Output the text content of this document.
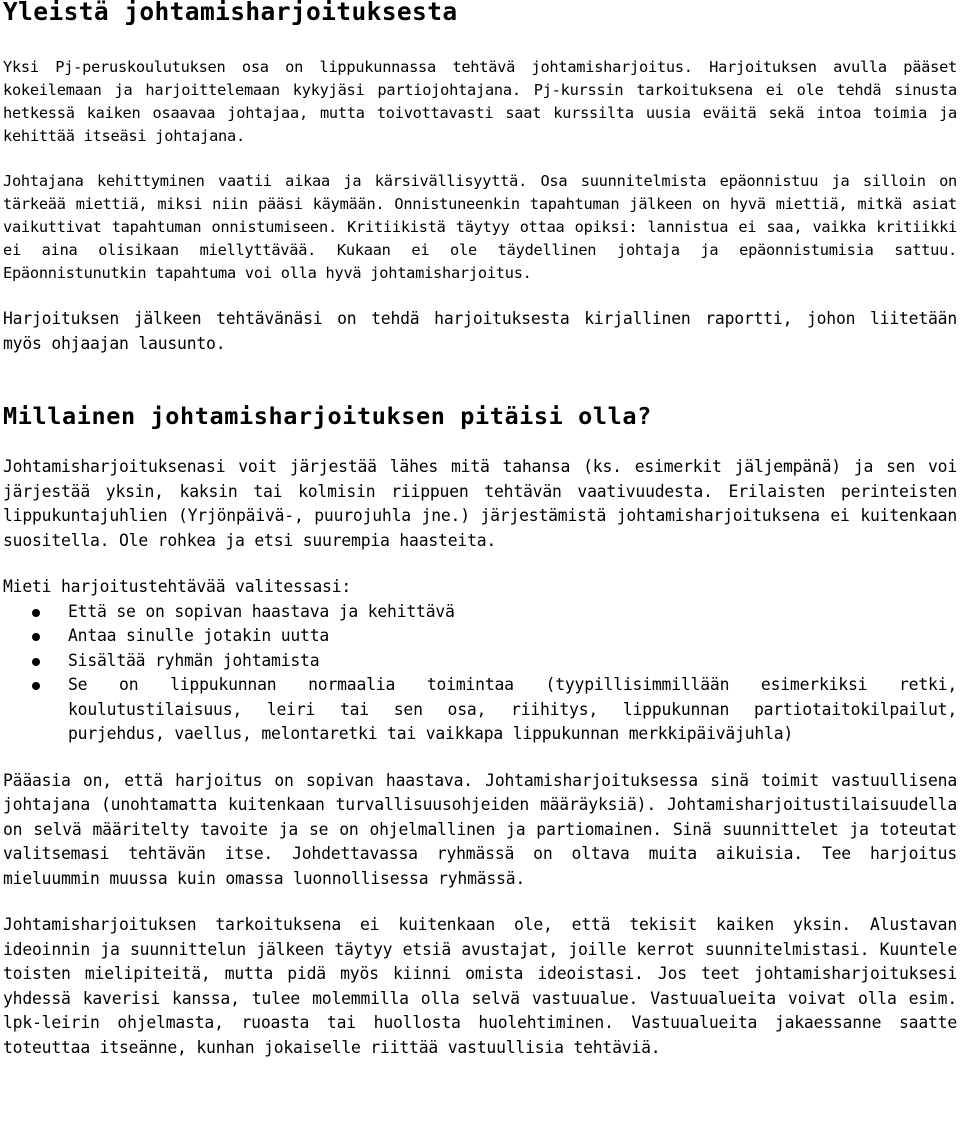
Yleistä johtamisharjoituksesta

Yksi Pj-peruskoulutuksen osa on lippukunnassa tehtävä johtamisharjoitus. Harjoituksen avulla pääset kokeilemaan ja harjoittelemaan kykyjäsi partiojohtajana. Pj-kurssin tarkoituksena ei ole tehdä sinusta hetkessä kaiken osaavaa johtajaa, mutta toivottavasti saat kurssilta uusia eväitä sekä intoa toimia ja kehittää itseäsi johtajana.

Johtajana kehittyminen vaatii aikaa ja kärsivällisyyttä. Osa suunnitelmista epäonnistuu ja silloin on tärkeää miettiä, miksi niin pääsi käymään. Onnistuneenkin tapahtuman jälkeen on hyvä miettiä, mitkä asiat vaikuttivat tapahtuman onnistumiseen. Kritiikistä täytyy ottaa opiksi: lannistua ei saa, vaikka kritiikki ei aina olisikaan miellyttävää. Kukaan ei ole täydellinen johtaja ja epäonnistumisia sattuu. Epäonnistunutkin tapahtuma voi olla hyvä johtamisharjoitus.

Harjoituksen jälkeen tehtävänäsi on tehdä harjoituksesta kirjallinen raportti, johon liitetään myös ohjaajan lausunto.

Millainen johtamisharjoituksen pitäisi olla?

Johtamisharjoituksenasi voit järjestää lähes mitä tahansa (ks. esimerkit jäljempänä) ja sen voi järjestää yksin, kaksin tai kolmisin riippuen tehtävän vaativuudesta. Erilaisten perinteisten lippukuntajuhlien (Yrjönpäivä-, puurojuhla jne.) järjestämistä johtamisharjoituksena ei kuitenkaan suositella. Ole rohkea ja etsi suurempia haasteita.

Mieti harjoitustehtävää valitessasi:

Että se on sopivan haastava ja kehittävä
Antaa sinulle jotakin uutta
Sisältää ryhmän johtamista
Se on lippukunnan normaalia toimintaa (tyypillisimmillään esimerkiksi retki, koulutustilaisuus, leiri tai sen osa, riihitys, lippukunnan partiotaitokilpailut, purjehdus, vaellus, melontaretki tai vaikkapa lippukunnan merkkipäiväjuhla)

Pääasia on, että harjoitus on sopivan haastava. Johtamisharjoituksessa sinä toimit vastuullisena johtajana (unohtamatta kuitenkaan turvallisuusohjeiden määräyksiä). Johtamisharjoitustilaisuudella on selvä määritelty tavoite ja se on ohjelmallinen ja partiomainen. Sinä suunnittelet ja toteutat valitsemasi tehtävän itse. Johdettavassa ryhmässä on oltava muita aikuisia. Tee harjoitus mieluummin muussa kuin omassa luonnollisessa ryhmässä.

Johtamisharjoituksen tarkoituksena ei kuitenkaan ole, että tekisit kaiken yksin. Alustavan ideoinnin ja suunnittelun jälkeen täytyy etsiä avustajat, joille kerrot suunnitelmistasi. Kuuntele toisten mielipiteitä, mutta pidä myös kiinni omista ideoistasi. Jos teet johtamisharjoituksesi yhdessä kaverisi kanssa, tulee molemmilla olla selvä vastuualue. Vastuualueita voivat olla esim. lpk-leirin ohjelmasta, ruoasta tai huollosta huolehtiminen. Vastuualueita jakaessanne saatte toteuttaa itseänne, kunhan jokaiselle riittää vastuullisia tehtäviä.
